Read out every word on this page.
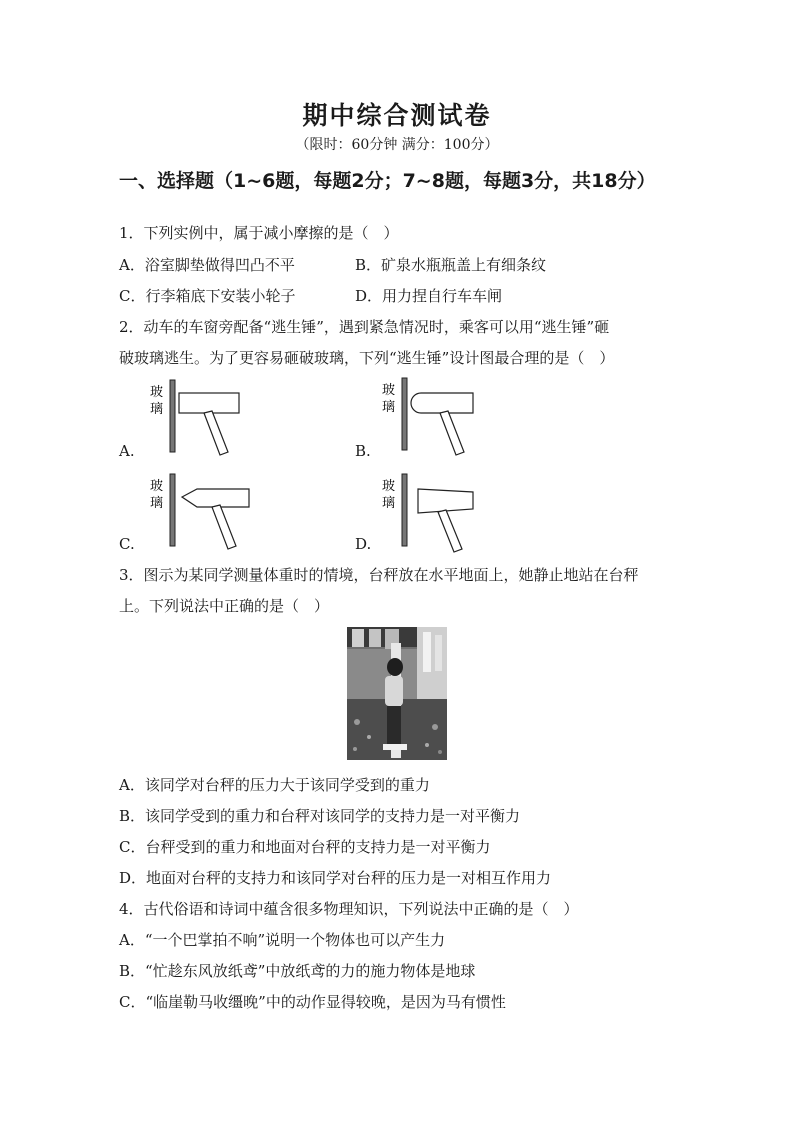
期中综合测试卷
（限时：60分钟 满分：100分）
一、选择题（1~6题，每题2分；7~8题，每题3分，共18分）
1．下列实例中，属于减小摩擦的是（　）
A．浴室脚垫做得凹凸不平	B．矿泉水瓶瓶盖上有细条纹
C．行李箱底下安装小轮子	D．用力捏自行车车闸
2．动车的车窗旁配备“逃生锤”，遇到紧急情况时，乘客可以用“逃生锤”砸
破玻璃逃生。为了更容易砸破玻璃，下列“逃生锤”设计图最合理的是（　）
玻
璃
A.
玻
璃
B.
玻
璃
C.
玻
璃
D.
3．图示为某同学测量体重时的情境，台秤放在水平地面上，她静止地站在台秤
上。下列说法中正确的是（　）
A．该同学对台秤的压力大于该同学受到的重力
B．该同学受到的重力和台秤对该同学的支持力是一对平衡力
C．台秤受到的重力和地面对台秤的支持力是一对平衡力
D．地面对台秤的支持力和该同学对台秤的压力是一对相互作用力
4．古代俗语和诗词中蕴含很多物理知识，下列说法中正确的是（　）
A．“一个巴掌拍不响”说明一个物体也可以产生力
B．“忙趁东风放纸鸢”中放纸鸢的力的施力物体是地球
C．“临崖勒马收缰晚”中的动作显得较晚，是因为马有惯性
